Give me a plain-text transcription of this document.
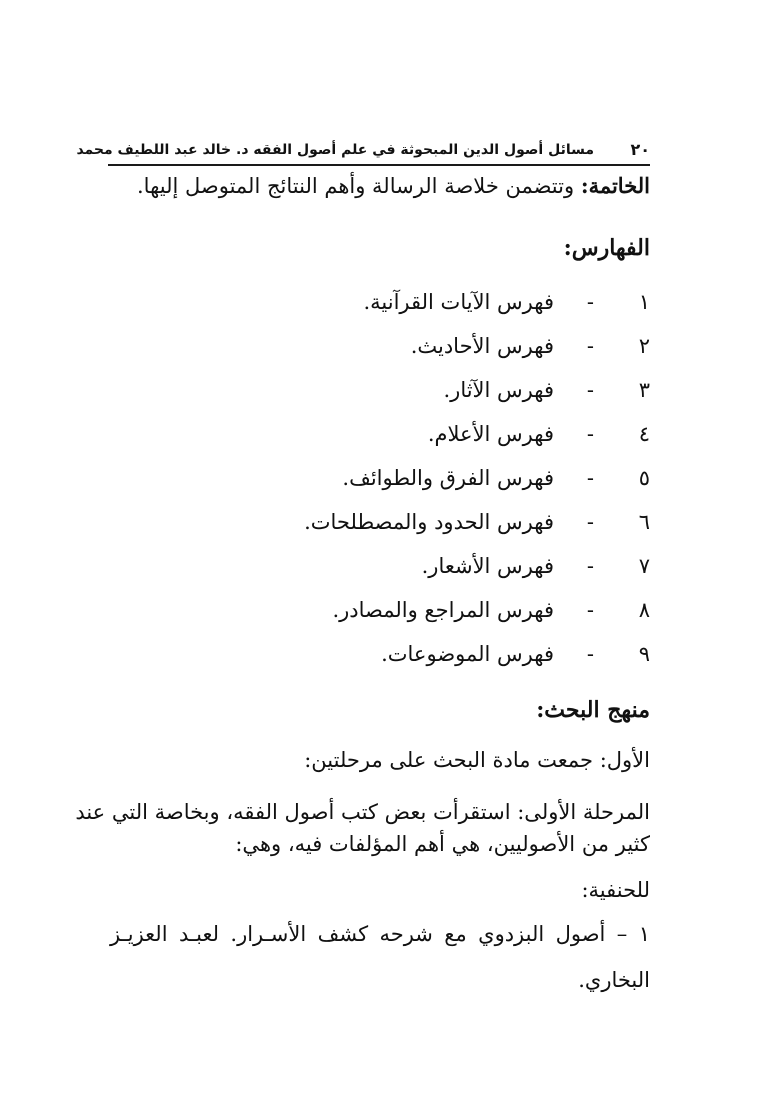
٢٠
مسائل أصول الدين المبحوثة في علم أصول الفقه د. خالد عبد اللطيف محمد
الخاتمة: وتتضمن خلاصة الرسالة وأهم النتائج المتوصل إليها.
الفهارس:
١
-
فهرس الآيات القرآنية.
٢
-
فهرس الأحاديث.
٣
-
فهرس الآثار.
٤
-
فهرس الأعلام.
٥
-
فهرس الفرق والطوائف.
٦
-
فهرس الحدود والمصطلحات.
٧
-
فهرس الأشعار.
٨
-
فهرس المراجع والمصادر.
٩
-
فهرس الموضوعات.
منهج البحث:
الأول: جمعت مادة البحث على مرحلتين:
المرحلة الأولى: استقرأت بعض كتب أصول الفقه، وبخاصة التي عند
كثير من الأصوليين، هي أهم المؤلفات فيه، وهي:
للحنفية:
١ – أصول البزدوي مع شرحه كشف الأسـرار. لعبـد العزيـز
البخاري.
